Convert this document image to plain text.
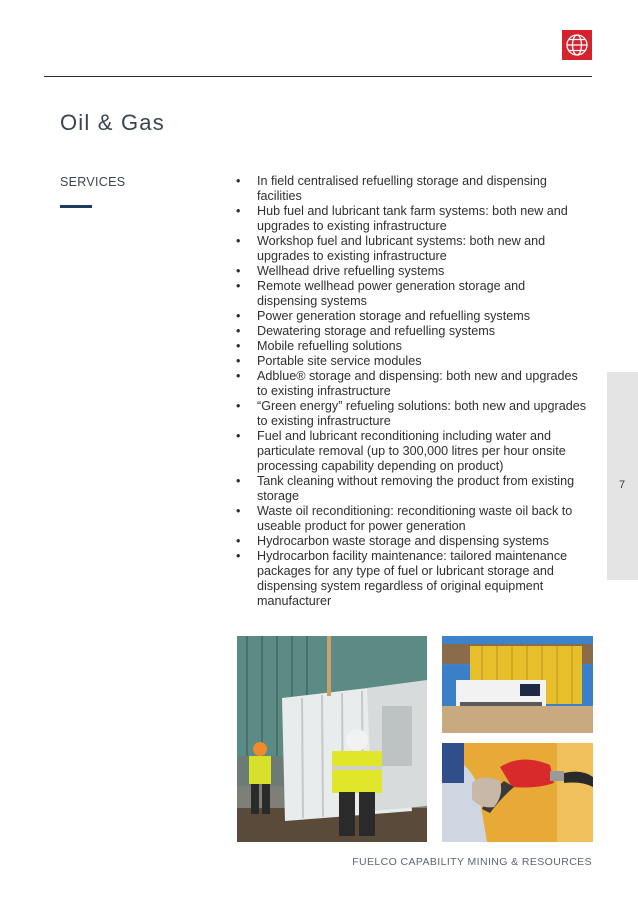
Oil & Gas
SERVICES
•	In field centralised refuelling storage and dispensing facilities
• Hub fuel and lubricant tank farm systems: both new and upgrades to existing infrastructure
• Workshop fuel and lubricant systems: both new and upgrades to existing infrastructure
• Wellhead drive refuelling systems
• Remote wellhead power generation storage and dispensing systems
• Power generation storage and refuelling systems
• Dewatering storage and refuelling systems
• Mobile refuelling solutions
• Portable site service modules
• Adblue® storage and dispensing: both new and upgrades to existing infrastructure
• “Green energy” refueling solutions: both new and upgrades to existing infrastructure
• Fuel and lubricant reconditioning including water and particulate removal (up to 300,000 litres per hour onsite processing capability depending on product)
• Tank cleaning without removing the product from existing storage
• Waste oil reconditioning: reconditioning waste oil back to useable product for power generation
• Hydrocarbon waste storage and dispensing systems
• Hydrocarbon facility maintenance: tailored maintenance packages for any type of fuel or lubricant storage and dispensing system regardless of original equipment manufacturer
7
FUELCO CAPABILITY MINING & RESOURCES
